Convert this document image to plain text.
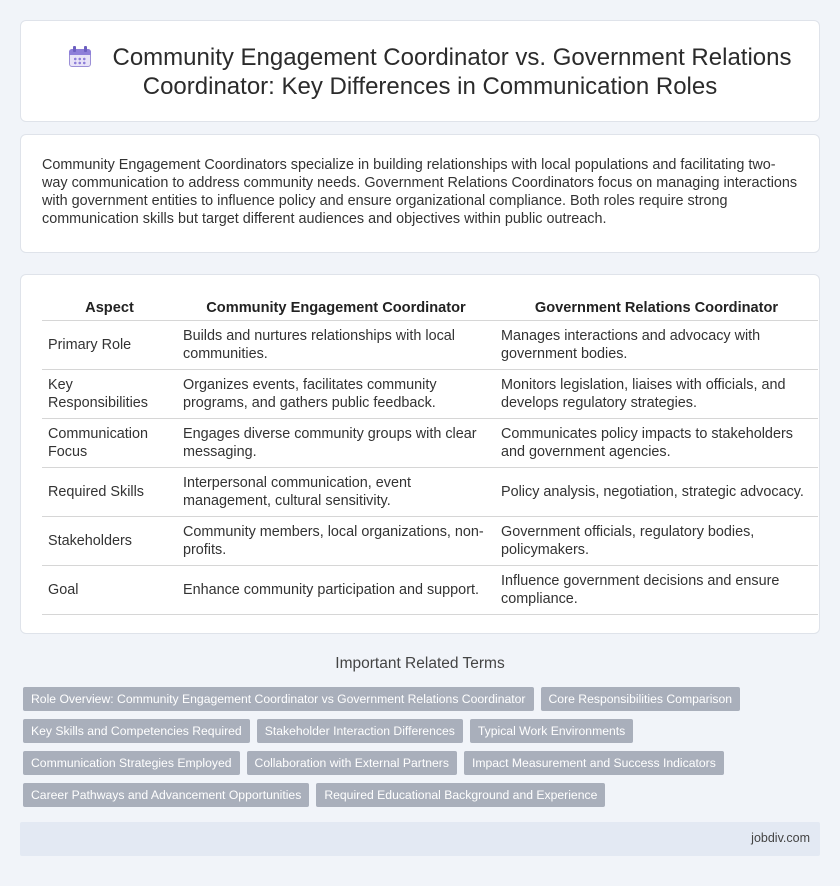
Community Engagement Coordinator vs. Government Relations Coordinator: Key Differences in Communication Roles

Community Engagement Coordinators specialize in building relationships with local populations and facilitating two-way communication to address community needs. Government Relations Coordinators focus on managing interactions with government entities to influence policy and ensure organizational compliance. Both roles require strong communication skills but target different audiences and objectives within public outreach.

Aspect	Community Engagement Coordinator	Government Relations Coordinator
Primary Role	Builds and nurtures relationships with local communities.	Manages interactions and advocacy with government bodies.
Key Responsibilities	Organizes events, facilitates community programs, and gathers public feedback.	Monitors legislation, liaises with officials, and develops regulatory strategies.
Communication Focus	Engages diverse community groups with clear messaging.	Communicates policy impacts to stakeholders and government agencies.
Required Skills	Interpersonal communication, event management, cultural sensitivity.	Policy analysis, negotiation, strategic advocacy.
Stakeholders	Community members, local organizations, non-profits.	Government officials, regulatory bodies, policymakers.
Goal	Enhance community participation and support.	Influence government decisions and ensure compliance.
Important Related Terms
Role Overview: Community Engagement Coordinator vs Government Relations Coordinator Core Responsibilities Comparison
Key Skills and Competencies Required Stakeholder Interaction Differences Typical Work Environments
Communication Strategies Employed Collaboration with External Partners Impact Measurement and Success Indicators
Career Pathways and Advancement Opportunities Required Educational Background and Experience
jobdiv.com
